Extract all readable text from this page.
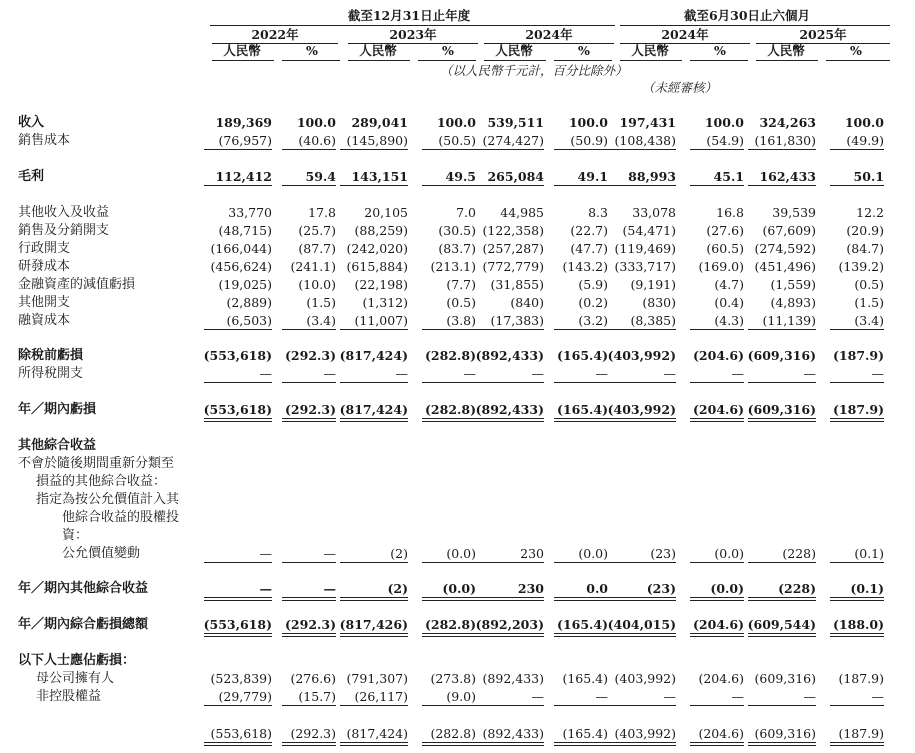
截至12月31日止年度	截至6月30日止六個月
2022年	2023年	2024年	2024年	2025年
人民幣	%	人民幣	%	人民幣	%	人民幣	%	人民幣	%
（以人民幣千元計，百分比除外）
（未經審核）
收入	189,369	100.0	289,041	100.0 539,511	100.0 197,431	100.0	324,263	100.0
銷售成本	(76,957)	(40.6) (145,890)	(50.5) (274,427)	(50.9) (108,438)	(54.9) (161,830)	(49.9)
毛利	112,412	59.4	143,151	49.5 265,084	49.1	88,993	45.1	162,433	50.1
其他收入及收益	33,770	17.8	20,105	7.0	44,985	8.3	33,078	16.8	39,539	12.2
銷售及分銷開支	(48,715)	(25.7)	(88,259)	(30.5) (122,358)	(22.7)	(54,471)	(27.6)	(67,609)	(20.9)
行政開支	(166,044)	(87.7) (242,020)	(83.7) (257,287)	(47.7) (119,469)	(60.5) (274,592)	(84.7)
研發成本	(456,624)	(241.1) (615,884)	(213.1) (772,779)	(143.2) (333,717)	(169.0) (451,496)	(139.2)
金融資產的減值虧損	(19,025)	(10.0)	(22,198)	(7.7)	(31,855)	(5.9)	(9,191)	(4.7)	(1,559)	(0.5)
其他開支	(2,889)	(1.5)	(1,312)	(0.5)	(840)	(0.2)	(830)	(0.4)	(4,893)	(1.5)
融資成本	(6,503)	(3.4)	(11,007)	(3.8)	(17,383)	(3.2)	(8,385)	(4.3)	(11,139)	(3.4)
除稅前虧損	(553,618)	(292.3) (817,424)	(282.8) (892,433)	(165.4) (403,992)	(204.6) (609,316)	(187.9)
所得稅開支	—	—	—	—	—	—	—	—	—	—
年／期內虧損	(553,618)	(292.3) (817,424)	(282.8) (892,433)	(165.4) (403,992)	(204.6) (609,316)	(187.9)
其他綜合收益
不會於隨後期間重新分類至
損益的其他綜合收益：
指定為按公允價值計入其
他綜合收益的股權投
資：
公允價值變動	—	—	(2)	(0.0)	230	(0.0)	(23)	(0.0)	(228)	(0.1)
年／期內其他綜合收益	—	—	(2)	(0.0)	230	0.0	(23)	(0.0)	(228)	(0.1)
年／期內綜合虧損總額	(553,618)	(292.3) (817,426)	(282.8) (892,203)	(165.4) (404,015)	(204.6) (609,544)	(188.0)
以下人士應佔虧損：
母公司擁有人	(523,839)	(276.6) (791,307)	(273.8) (892,433)	(165.4) (403,992)	(204.6) (609,316)	(187.9)
非控股權益	(29,779)	(15.7)	(26,117)	(9.0)	—	—	—	—	—	—
(553,618)	(292.3) (817,424)	(282.8) (892,433)	(165.4) (403,992)	(204.6) (609,316)	(187.9)
